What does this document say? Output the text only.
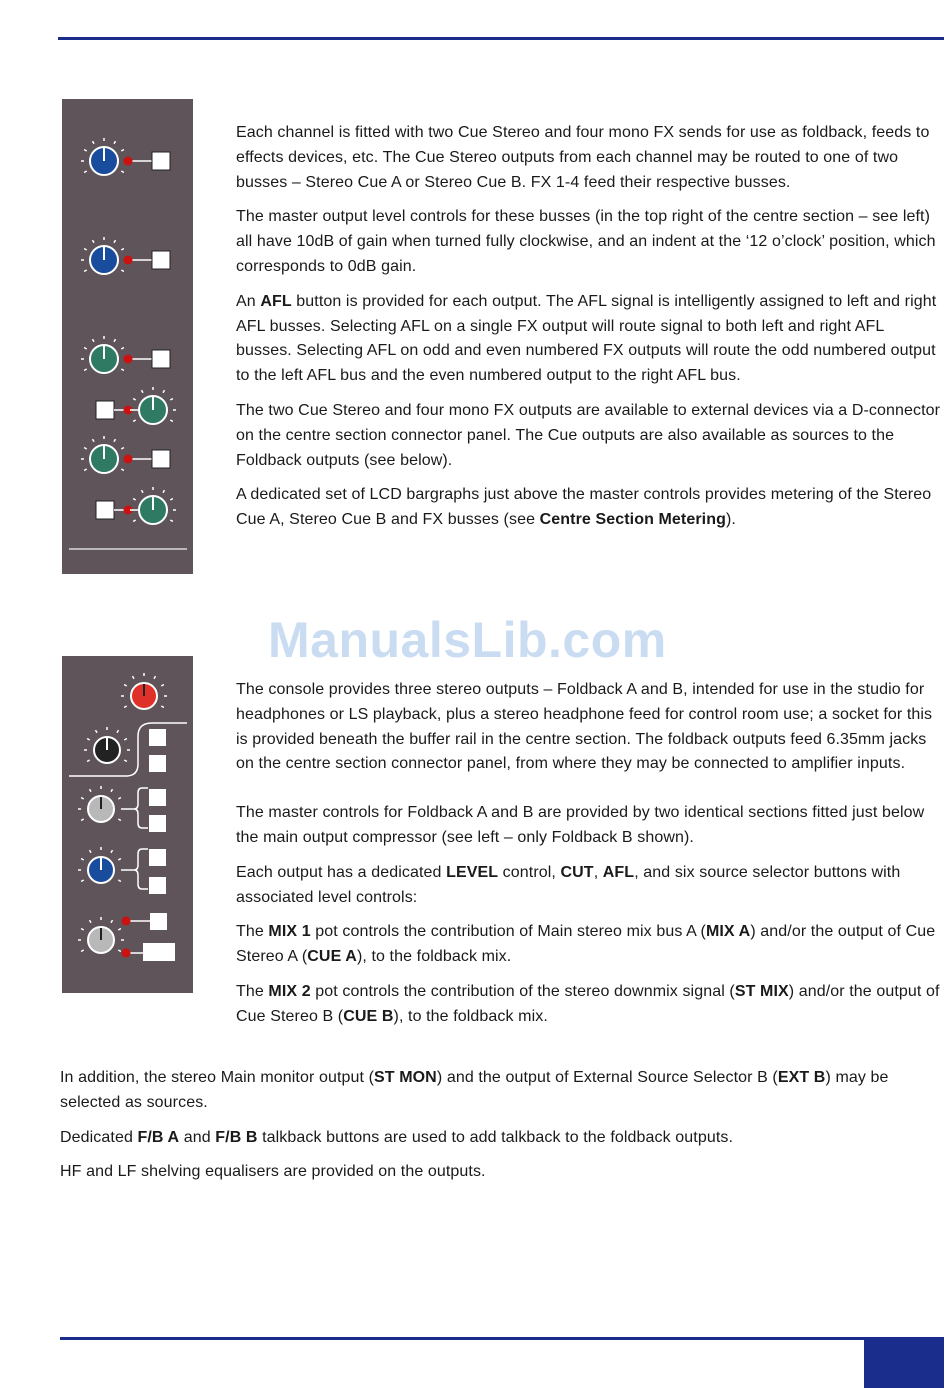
Each channel is fitted with two Cue Stereo and four mono FX sends for use as foldback, feeds to effects devices, etc. The Cue Stereo outputs from each channel may be routed to one of two busses – Stereo Cue A or Stereo Cue B. FX 1-4 feed their respective busses.

The master output level controls for these busses (in the top right of the centre section – see left) all have 10dB of gain when turned fully clockwise, and an indent at the ‘12 o’clock’ position, which corresponds to 0dB gain.

An AFL button is provided for each output. The AFL signal is intelligently assigned to left and right AFL busses. Selecting AFL on a single FX output will route signal to both left and right AFL busses. Selecting AFL on odd and even numbered FX outputs will route the odd numbered output to the left AFL bus and the even numbered output to the right AFL bus.

The two Cue Stereo and four mono FX outputs are available to external devices via a D-connector on the centre section connector panel. The Cue outputs are also available as sources to the Foldback outputs (see below).

A dedicated set of LCD bargraphs just above the master controls provides metering of the Stereo Cue A, Stereo Cue B and FX busses (see Centre Section Metering).

ManualsLib.com

The console provides three stereo outputs – Foldback A and B, intended for use in the studio for headphones or LS playback, plus a stereo headphone feed for control room use; a socket for this is provided beneath the buffer rail in the centre section. The foldback outputs feed 6.35mm jacks on the centre section connector panel, from where they may be connected to amplifier inputs.

The master controls for Foldback A and B are provided by two identical sections fitted just below the main output compressor (see left – only Foldback B shown).

Each output has a dedicated LEVEL control, CUT, AFL, and six source selector buttons with associated level controls:

The MIX 1 pot controls the contribution of Main stereo mix bus A (MIX A) and/or the output of Cue Stereo A (CUE A), to the foldback mix.

The MIX 2 pot controls the contribution of the stereo downmix signal (ST MIX) and/or the output of Cue Stereo B (CUE B), to the foldback mix.

In addition, the stereo Main monitor output (ST MON) and the output of External Source Selector B (EXT B) may be selected as sources.

Dedicated F/B A and F/B B talkback buttons are used to add talkback to the foldback outputs.

HF and LF shelving equalisers are provided on the outputs.
